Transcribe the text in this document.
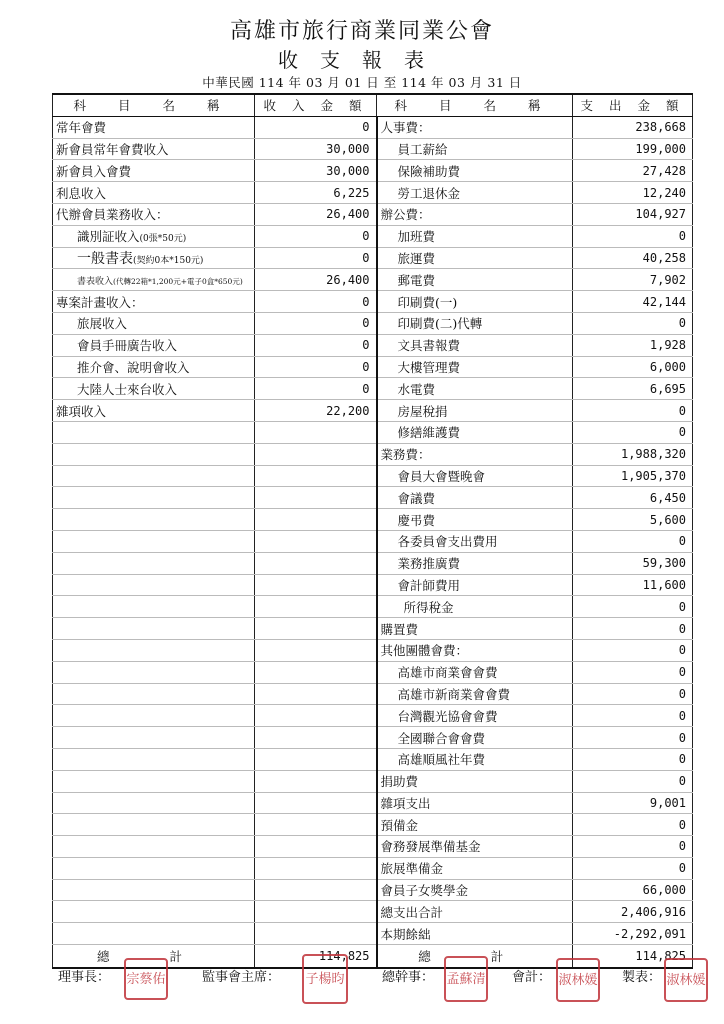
高雄市旅行商業同業公會
收支報表
中華民國 114 年 03 月 01 日 至 114 年 03 月 31 日
科 目 名 稱	收 入 金 額	科 目 名 稱	支 出 金 額
常年會費	0	人事費：	238,668
新會員常年會費收入	30,000	員工薪給	199,000
新會員入會費	30,000	保險補助費	27,428
利息收入	6,225	勞工退休金	12,240
代辦會員業務收入：	26,400	辦公費：	104,927
識別証收入(0張*50元)	0	加班費	0
一般書表(契約0本*150元)	0	旅運費	40,258
書表收入(代轉22箱*1,200元+電子0盒*650元)	26,400	郵電費	7,902
專案計畫收入：	0	印刷費(一)	42,144
旅展收入	0	印刷費(二)代轉	0
會員手冊廣告收入	0	文具書報費	1,928
推介會、說明會收入	0	大樓管理費	6,000
大陸人士來台收入	0	水電費	6,695
雜項收入	22,200	房屋稅捐	0
		修繕維護費	0
		業務費：	1,988,320
		會員大會暨晚會	1,905,370
		會議費	6,450
		慶弔費	5,600
		各委員會支出費用	0
		業務推廣費	59,300
		會計師費用	11,600
		所得稅金	0
		購置費	0
		其他團體會費：	0
		高雄市商業會會費	0
		高雄市新商業會會費	0
		台灣觀光協會會費	0
		全國聯合會會費	0
		高雄順風社年費	0
		捐助費	0
		雜項支出	9,001
		預備金	0
		會務發展準備基金	0
		旅展準備金	0
		會員子女獎學金	66,000
		總支出合計	2,406,916
		本期餘絀	-2,292,091
總 計	114,825	總 計	114,825
理事長： 宗蔡佑	監事會主席： 子楊昀	總幹事： 孟蘇清 會計： 淑林媛 製表： 淑林媛
